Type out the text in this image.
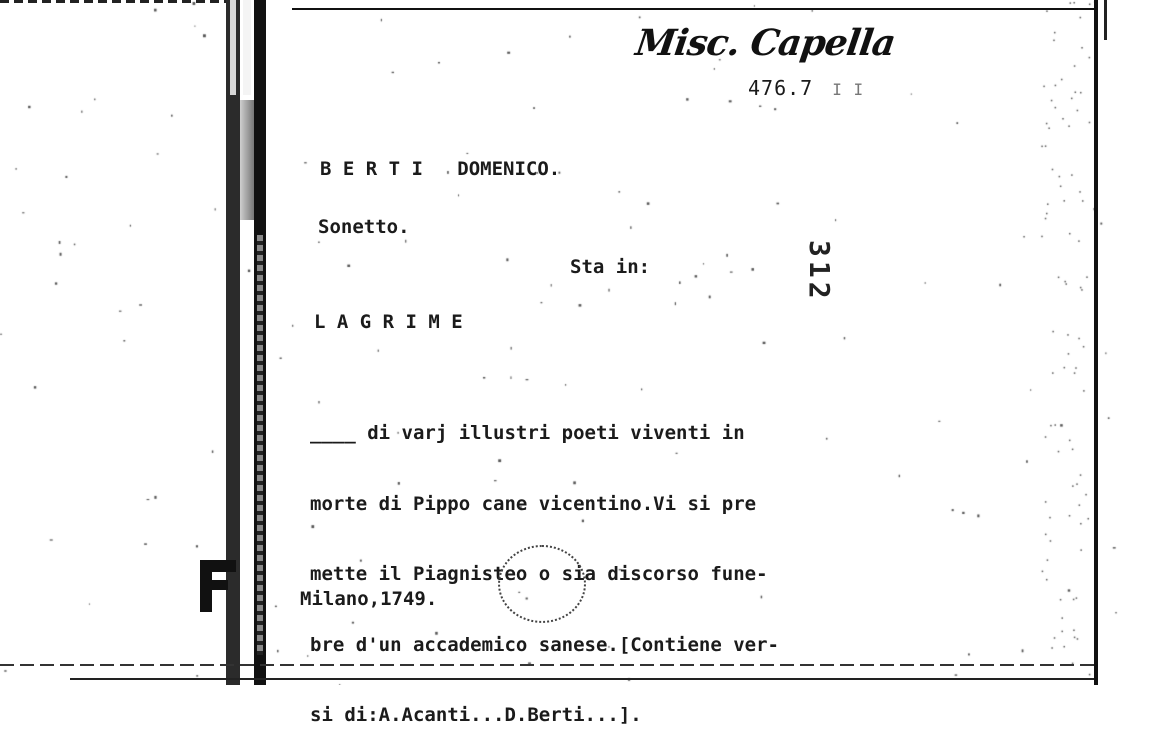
Misc. Capella
476.7 I I
312
B E R T I DOMENICO.
Sonetto.
Sta in:
L A G R I M E

____ di varj illustri poeti viventi in

morte di Pippo cane vicentino.Vi si pre

mette il Piagnisteo o sia discorso fune-

bre d'un accademico sanese.[Contiene ver-

si di:A.Acanti...D.Berti...].

Milano,1749.
